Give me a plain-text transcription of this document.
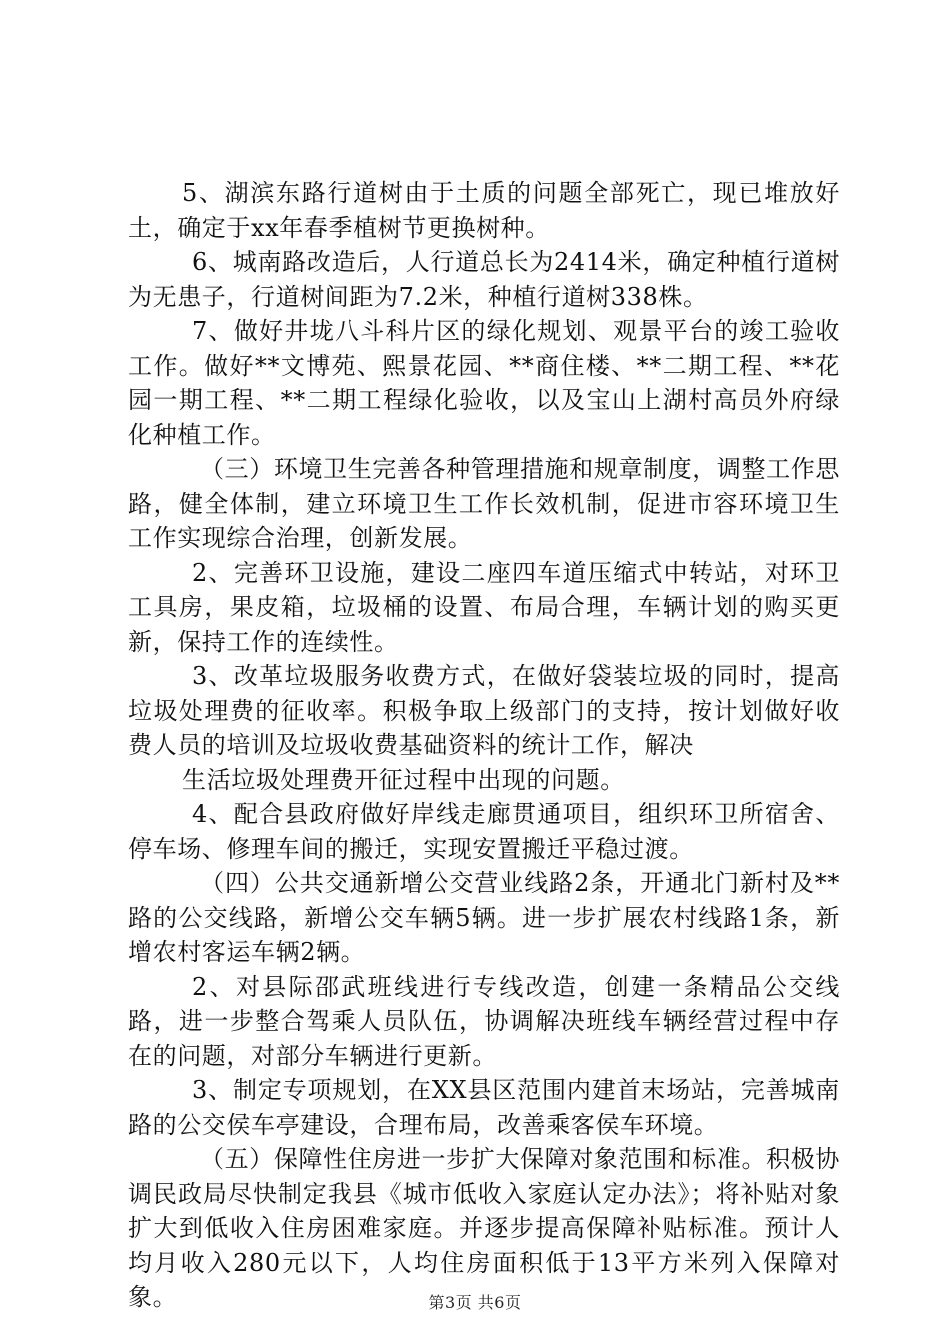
5、湖滨东路行道树由于土质的问题全部死亡，现已堆放好土，确定于xx年春季植树节更换树种。

6、城南路改造后，人行道总长为2414米，确定种植行道树为无患子，行道树间距为7.2米，种植行道树338株。

7、做好井垅八斗科片区的绿化规划、观景平台的竣工验收工作。做好**文博苑、熙景花园、**商住楼、**二期工程、**花园一期工程、**二期工程绿化验收，以及宝山上湖村高员外府绿化种植工作。

（三）环境卫生完善各种管理措施和规章制度，调整工作思路，健全体制，建立环境卫生工作长效机制，促进市容环境卫生工作实现综合治理，创新发展。

2、完善环卫设施，建设二座四车道压缩式中转站，对环卫工具房，果皮箱，垃圾桶的设置、布局合理，车辆计划的购买更新，保持工作的连续性。

3、改革垃圾服务收费方式，在做好袋装垃圾的同时，提高垃圾处理费的征收率。积极争取上级部门的支持，按计划做好收费人员的培训及垃圾收费基础资料的统计工作，解决

生活垃圾处理费开征过程中出现的问题。

4、配合县政府做好岸线走廊贯通项目，组织环卫所宿舍、停车场、修理车间的搬迁，实现安置搬迁平稳过渡。

（四）公共交通新增公交营业线路2条，开通北门新村及**路的公交线路，新增公交车辆5辆。进一步扩展农村线路1条，新增农村客运车辆2辆。

2、对县际邵武班线进行专线改造，创建一条精品公交线路，进一步整合驾乘人员队伍，协调解决班线车辆经营过程中存在的问题，对部分车辆进行更新。

3、制定专项规划，在XX县区范围内建首末场站，完善城南路的公交侯车亭建设，合理布局，改善乘客侯车环境。

（五）保障性住房进一步扩大保障对象范围和标准。积极协调民政局尽快制定我县《城市低收入家庭认定办法》；将补贴对象扩大到低收入住房困难家庭。并逐步提高保障补贴标准。预计人均月收入280元以下，人均住房面积低于13平方米列入保障对象。	第3页 共6页
